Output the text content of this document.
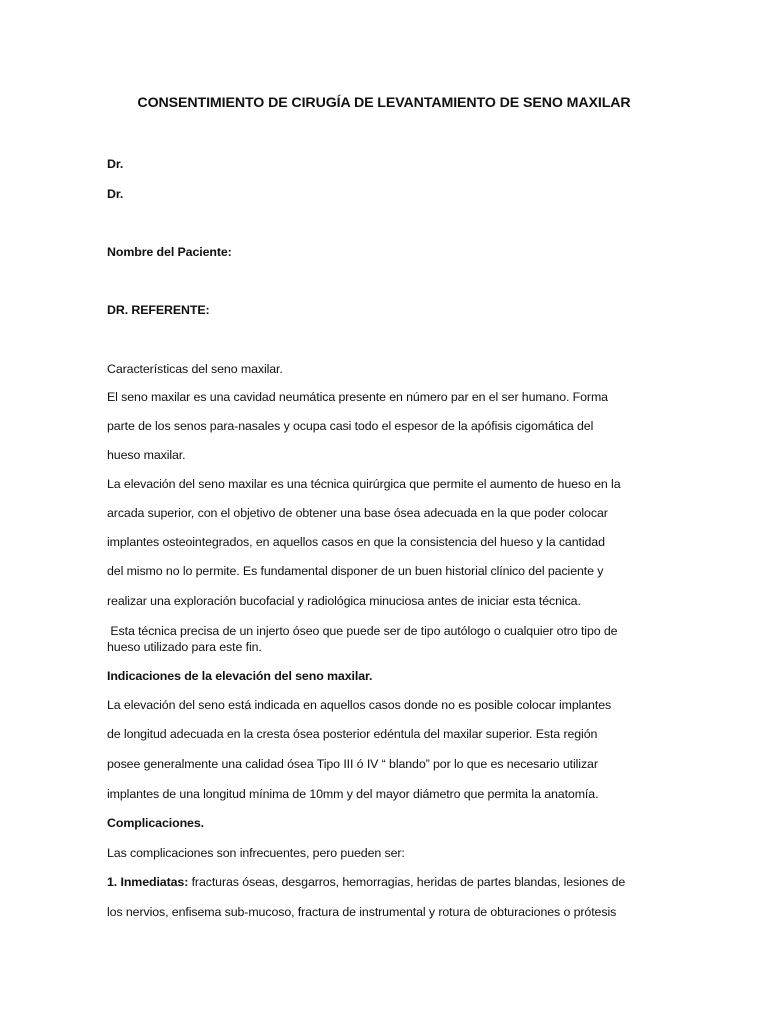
CONSENTIMIENTO DE CIRUGÍA DE LEVANTAMIENTO DE SENO MAXILAR
Dr.
Dr.
Nombre del Paciente:
DR. REFERENTE:
Características del seno maxilar.
El seno maxilar es una cavidad neumática presente en número par en el ser humano. Forma
parte de los senos para-nasales y ocupa casi todo el espesor de la apófisis cigomática del
hueso maxilar.
La elevación del seno maxilar es una técnica quirúrgica que permite el aumento de hueso en la
arcada superior, con el objetivo de obtener una base ósea adecuada en la que poder colocar
implantes osteointegrados, en aquellos casos en que la consistencia del hueso y la cantidad
del mismo no lo permite. Es fundamental disponer de un buen historial clínico del paciente y
realizar una exploración bucofacial y radiológica minuciosa antes de iniciar esta técnica.
Esta técnica precisa de un injerto óseo que puede ser de tipo autólogo o cualquier otro tipo de
hueso utilizado para este fin.
Indicaciones de la elevación del seno maxilar.
La elevación del seno está indicada en aquellos casos donde no es posible colocar implantes
de longitud adecuada en la cresta ósea posterior edéntula del maxilar superior. Esta región
posee generalmente una calidad ósea Tipo III ó IV “ blando” por lo que es necesario utilizar
implantes de una longitud mínima de 10mm y del mayor diámetro que permita la anatomía.
Complicaciones.
Las complicaciones son infrecuentes, pero pueden ser:
1. Inmediatas: fracturas óseas, desgarros, hemorragias, heridas de partes blandas, lesiones de
los nervios, enfisema sub-mucoso, fractura de instrumental y rotura de obturaciones o prótesis
